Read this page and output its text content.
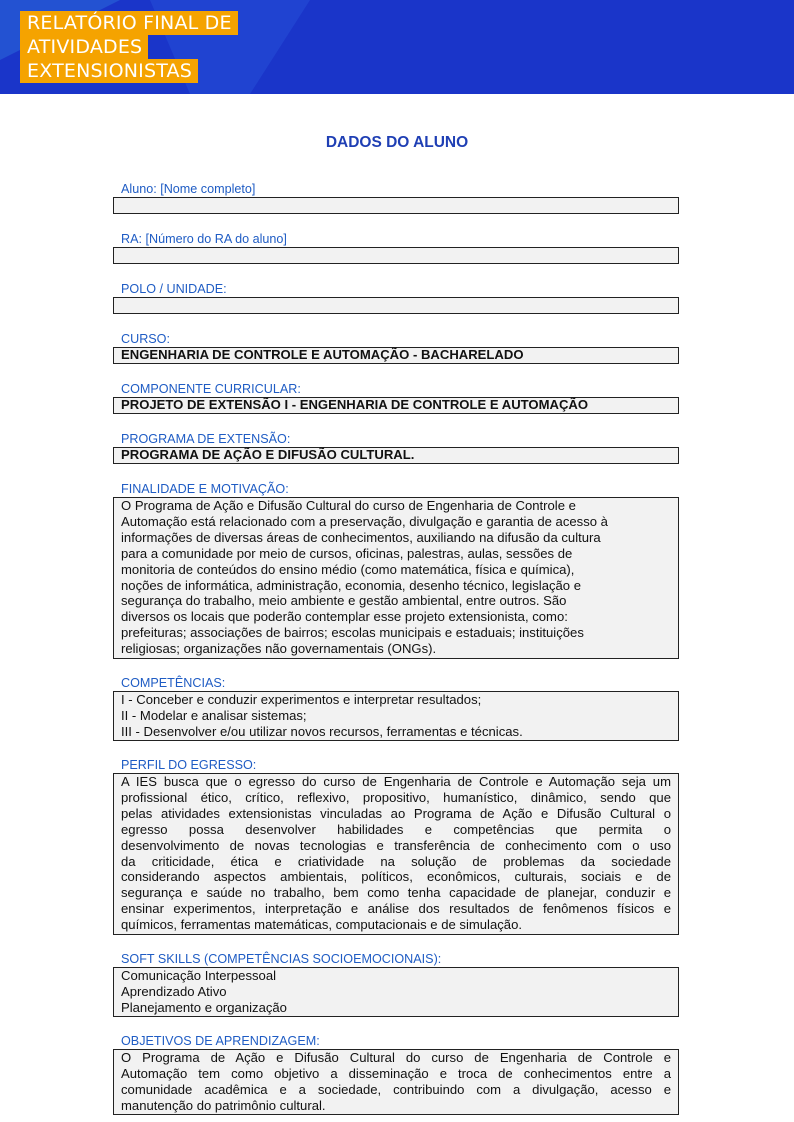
RELATÓRIO FINAL DE
ATIVIDADES
EXTENSIONISTAS
DADOS DO ALUNO
Aluno: [Nome completo]
RA: [Número do RA do aluno]
POLO / UNIDADE:
CURSO:
ENGENHARIA DE CONTROLE E AUTOMAÇÃO - BACHARELADO
COMPONENTE CURRICULAR:
PROJETO DE EXTENSÃO I - ENGENHARIA DE CONTROLE E AUTOMAÇÃO
PROGRAMA DE EXTENSÃO:
PROGRAMA DE AÇÃO E DIFUSÃO CULTURAL.
FINALIDADE E MOTIVAÇÃO:
O Programa de Ação e Difusão Cultural do curso de Engenharia de Controle e
Automação está relacionado com a preservação, divulgação e garantia de acesso à
informações de diversas áreas de conhecimentos, auxiliando na difusão da cultura
para a comunidade por meio de cursos, oficinas, palestras, aulas, sessões de
monitoria de conteúdos do ensino médio (como matemática, física e química),
noções de informática, administração, economia, desenho técnico, legislação e
segurança do trabalho, meio ambiente e gestão ambiental, entre outros. São
diversos os locais que poderão contemplar esse projeto extensionista, como:
prefeituras; associações de bairros; escolas municipais e estaduais; instituições
religiosas; organizações não governamentais (ONGs).
COMPETÊNCIAS:
I - Conceber e conduzir experimentos e interpretar resultados;
II - Modelar e analisar sistemas;
III - Desenvolver e/ou utilizar novos recursos, ferramentas e técnicas.
PERFIL DO EGRESSO:
A IES busca que o egresso do curso de Engenharia de Controle e Automação seja um
profissional ético, crítico, reflexivo, propositivo, humanístico, dinâmico, sendo que
pelas atividades extensionistas vinculadas ao Programa de Ação e Difusão Cultural o
egresso possa desenvolver habilidades e competências que permita o
desenvolvimento de novas tecnologias e transferência de conhecimento com o uso
da criticidade, ética e criatividade na solução de problemas da sociedade
considerando aspectos ambientais, políticos, econômicos, culturais, sociais e de
segurança e saúde no trabalho, bem como tenha capacidade de planejar, conduzir e
ensinar experimentos, interpretação e análise dos resultados de fenômenos físicos e
químicos, ferramentas matemáticas, computacionais e de simulação.
SOFT SKILLS (COMPETÊNCIAS SOCIOEMOCIONAIS):
Comunicação Interpessoal
Aprendizado Ativo
Planejamento e organização
OBJETIVOS DE APRENDIZAGEM:
O Programa de Ação e Difusão Cultural do curso de Engenharia de Controle e
Automação tem como objetivo a disseminação e troca de conhecimentos entre a
comunidade acadêmica e a sociedade, contribuindo com a divulgação, acesso e
manutenção do patrimônio cultural.
